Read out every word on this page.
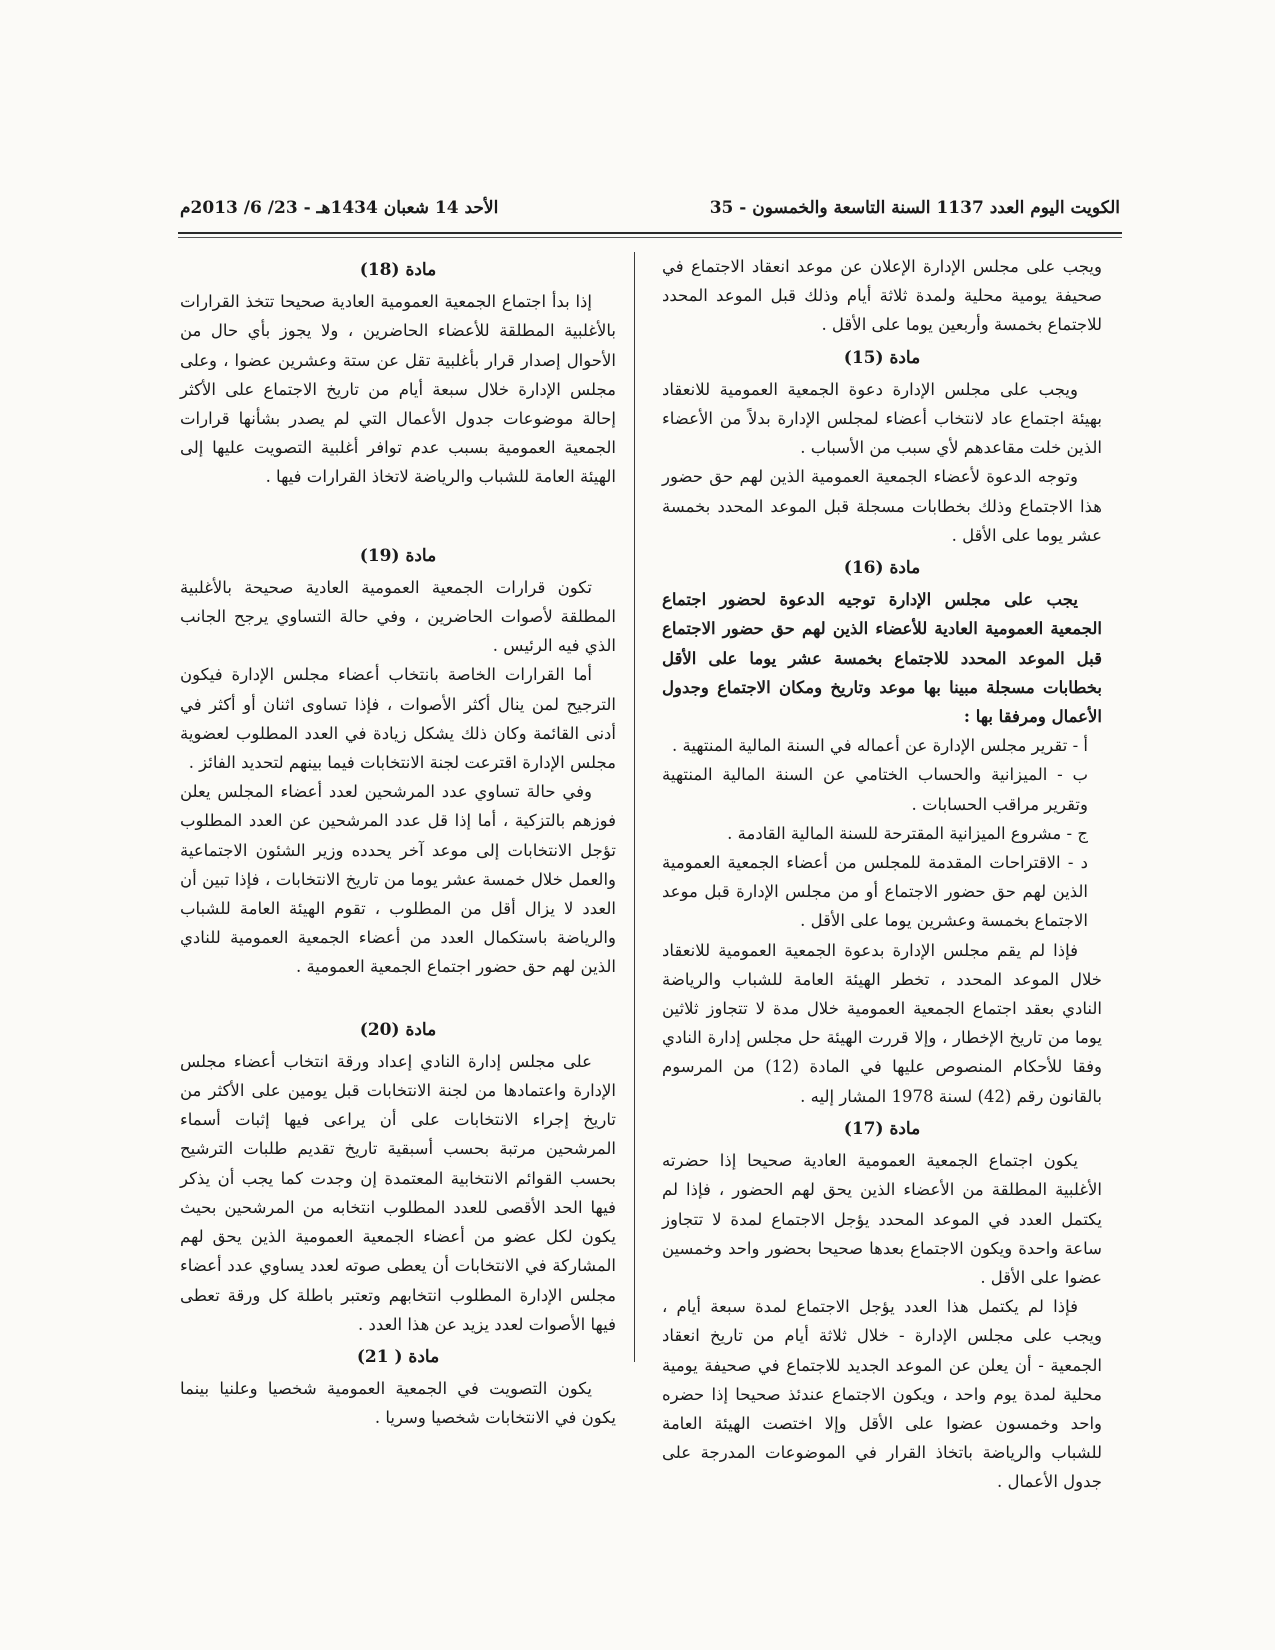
الكويت اليوم العدد 1137 السنة التاسعة والخمسون - 35
الأحد 14 شعبان 1434هـ - 23/ 6/ 2013م

ويجب على مجلس الإدارة الإعلان عن موعد انعقاد الاجتماع في صحيفة يومية محلية ولمدة ثلاثة أيام وذلك قبل الموعد المحدد للاجتماع بخمسة وأربعين يوما على الأقل .

مادة (15)

ويجب على مجلس الإدارة دعوة الجمعية العمومية للانعقاد بهيئة اجتماع عاد لانتخاب أعضاء لمجلس الإدارة بدلاً من الأعضاء الذين خلت مقاعدهم لأي سبب من الأسباب .

وتوجه الدعوة لأعضاء الجمعية العمومية الذين لهم حق حضور هذا الاجتماع وذلك بخطابات مسجلة قبل الموعد المحدد بخمسة عشر يوما على الأقل .

مادة (16)

يجب على مجلس الإدارة توجيه الدعوة لحضور اجتماع الجمعية العمومية العادية للأعضاء الذين لهم حق حضور الاجتماع قبل الموعد المحدد للاجتماع بخمسة عشر يوما على الأقل بخطابات مسجلة مبينا بها موعد وتاريخ ومكان الاجتماع وجدول الأعمال ومرفقا بها :

أ - تقرير مجلس الإدارة عن أعماله في السنة المالية المنتهية .

ب - الميزانية والحساب الختامي عن السنة المالية المنتهية وتقرير مراقب الحسابات .

ج - مشروع الميزانية المقترحة للسنة المالية القادمة .

د - الاقتراحات المقدمة للمجلس من أعضاء الجمعية العمومية الذين لهم حق حضور الاجتماع أو من مجلس الإدارة قبل موعد الاجتماع بخمسة وعشرين يوما على الأقل .

فإذا لم يقم مجلس الإدارة بدعوة الجمعية العمومية للانعقاد خلال الموعد المحدد ، تخطر الهيئة العامة للشباب والرياضة النادي بعقد اجتماع الجمعية العمومية خلال مدة لا تتجاوز ثلاثين يوما من تاريخ الإخطار ، وإلا قررت الهيئة حل مجلس إدارة النادي وفقا للأحكام المنصوص عليها في المادة (12) من المرسوم بالقانون رقم (42) لسنة 1978 المشار إليه .

مادة (17)

يكون اجتماع الجمعية العمومية العادية صحيحا إذا حضرته الأغلبية المطلقة من الأعضاء الذين يحق لهم الحضور ، فإذا لم يكتمل العدد في الموعد المحدد يؤجل الاجتماع لمدة لا تتجاوز ساعة واحدة ويكون الاجتماع بعدها صحيحا بحضور واحد وخمسين عضوا على الأقل .

فإذا لم يكتمل هذا العدد يؤجل الاجتماع لمدة سبعة أيام ، ويجب على مجلس الإدارة - خلال ثلاثة أيام من تاريخ انعقاد الجمعية - أن يعلن عن الموعد الجديد للاجتماع في صحيفة يومية محلية لمدة يوم واحد ، ويكون الاجتماع عندئذ صحيحا إذا حضره واحد وخمسون عضوا على الأقل وإلا اختصت الهيئة العامة للشباب والرياضة باتخاذ القرار في الموضوعات المدرجة على جدول الأعمال .

مادة (18)

إذا بدأ اجتماع الجمعية العمومية العادية صحيحا تتخذ القرارات بالأغلبية المطلقة للأعضاء الحاضرين ، ولا يجوز بأي حال من الأحوال إصدار قرار بأغلبية تقل عن ستة وعشرين عضوا ، وعلى مجلس الإدارة خلال سبعة أيام من تاريخ الاجتماع على الأكثر إحالة موضوعات جدول الأعمال التي لم يصدر بشأنها قرارات الجمعية العمومية بسبب عدم توافر أغلبية التصويت عليها إلى الهيئة العامة للشباب والرياضة لاتخاذ القرارات فيها .

مادة (19)

تكون قرارات الجمعية العمومية العادية صحيحة بالأغلبية المطلقة لأصوات الحاضرين ، وفي حالة التساوي يرجح الجانب الذي فيه الرئيس .

أما القرارات الخاصة بانتخاب أعضاء مجلس الإدارة فيكون الترجيح لمن ينال أكثر الأصوات ، فإذا تساوى اثنان أو أكثر في أدنى القائمة وكان ذلك يشكل زيادة في العدد المطلوب لعضوية مجلس الإدارة اقترعت لجنة الانتخابات فيما بينهم لتحديد الفائز .

وفي حالة تساوي عدد المرشحين لعدد أعضاء المجلس يعلن فوزهم بالتزكية ، أما إذا قل عدد المرشحين عن العدد المطلوب تؤجل الانتخابات إلى موعد آخر يحدده وزير الشئون الاجتماعية والعمل خلال خمسة عشر يوما من تاريخ الانتخابات ، فإذا تبين أن العدد لا يزال أقل من المطلوب ، تقوم الهيئة العامة للشباب والرياضة باستكمال العدد من أعضاء الجمعية العمومية للنادي الذين لهم حق حضور اجتماع الجمعية العمومية .

مادة (20)

على مجلس إدارة النادي إعداد ورقة انتخاب أعضاء مجلس الإدارة واعتمادها من لجنة الانتخابات قبل يومين على الأكثر من تاريخ إجراء الانتخابات على أن يراعى فيها إثبات أسماء المرشحين مرتبة بحسب أسبقية تاريخ تقديم طلبات الترشيح بحسب القوائم الانتخابية المعتمدة إن وجدت كما يجب أن يذكر فيها الحد الأقصى للعدد المطلوب انتخابه من المرشحين بحيث يكون لكل عضو من أعضاء الجمعية العمومية الذين يحق لهم المشاركة في الانتخابات أن يعطى صوته لعدد يساوي عدد أعضاء مجلس الإدارة المطلوب انتخابهم وتعتبر باطلة كل ورقة تعطى فيها الأصوات لعدد يزيد عن هذا العدد .

مادة ( 21)

يكون التصويت في الجمعية العمومية شخصيا وعلنيا بينما يكون في الانتخابات شخصيا وسريا .
